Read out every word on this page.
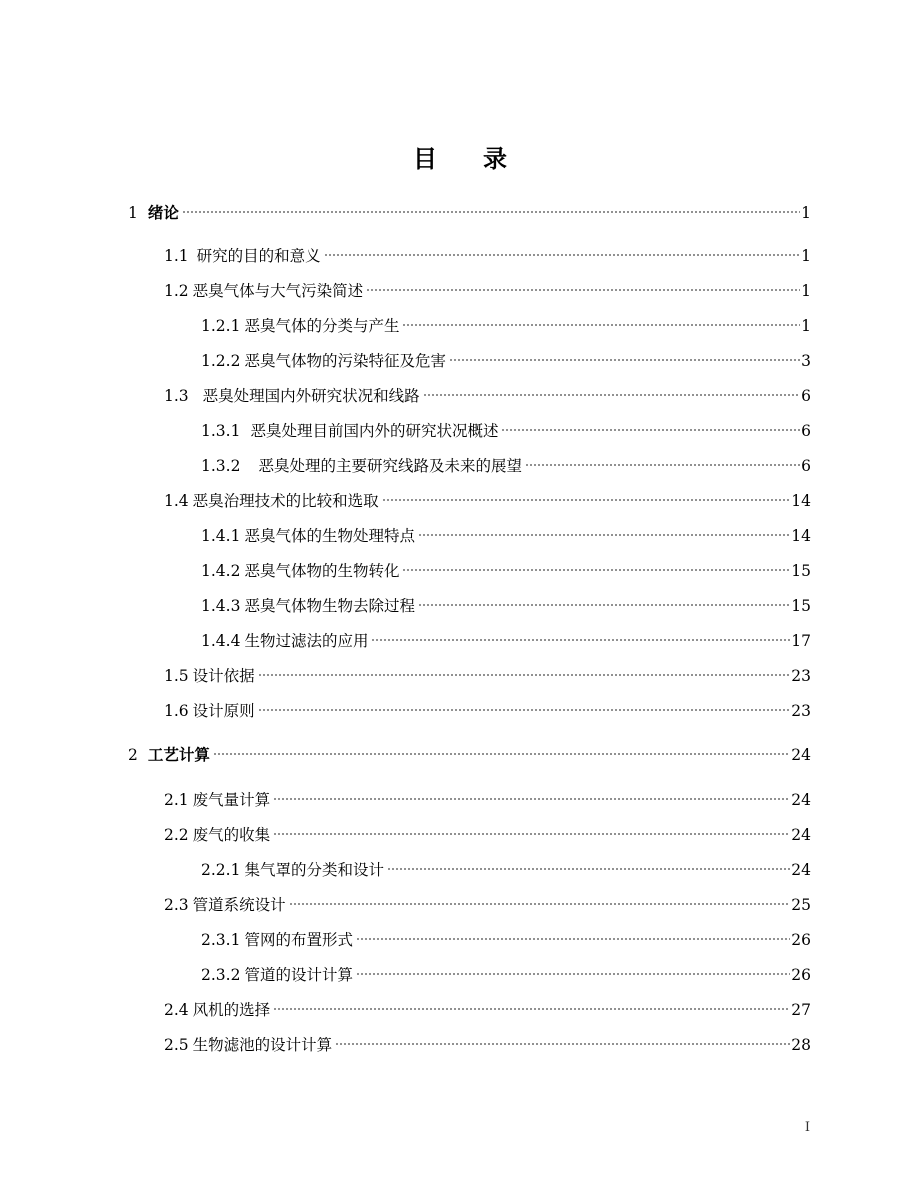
目 录
1 绪论	1
1.1 研究的目的和意义	1
1.2 恶臭气体与大气污染简述	1
1.2.1 恶臭气体的分类与产生	1
1.2.2 恶臭气体物的污染特征及危害	3
1.3 恶臭处理国内外研究状况和线路	6
1.3.1 恶臭处理目前国内外的研究状况概述	6
1.3.2 恶臭处理的主要研究线路及未来的展望	6
1.4 恶臭治理技术的比较和选取	14
1.4.1 恶臭气体的生物处理特点	14
1.4.2 恶臭气体物的生物转化	15
1.4.3 恶臭气体物生物去除过程	15
1.4.4 生物过滤法的应用	17
1.5 设计依据	23
1.6 设计原则	23
2 工艺计算	24
2.1 废气量计算	24
2.2 废气的收集	24
2.2.1 集气罩的分类和设计	24
2.3 管道系统设计	25
2.3.1 管网的布置形式	26
2.3.2 管道的设计计算	26
2.4 风机的选择	27
2.5 生物滤池的设计计算	28
I
